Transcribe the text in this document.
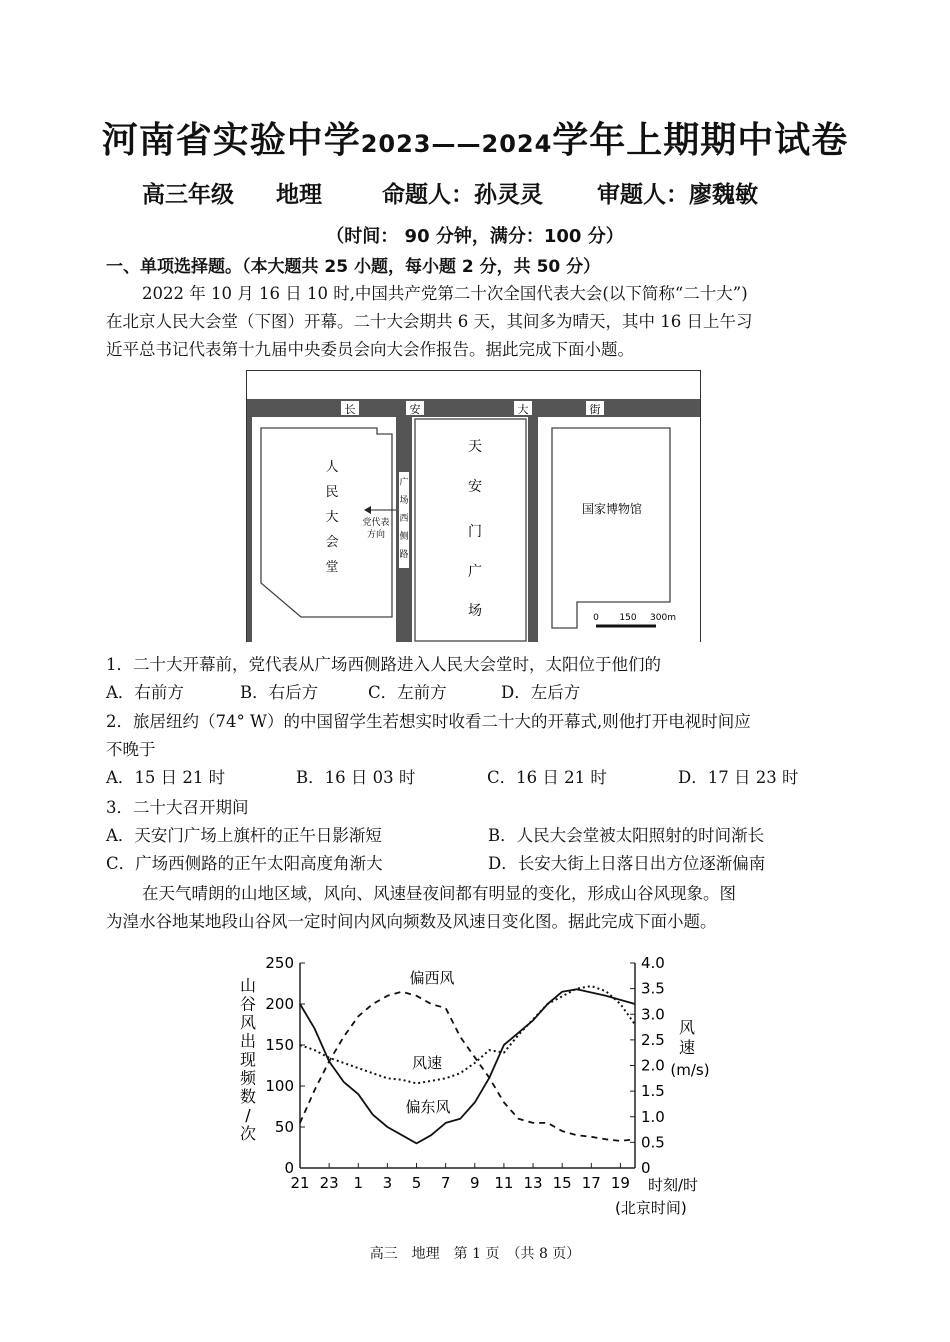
河南省实验中学2023——2024学年上期期中试卷
高三年级 地理	命题人：孙灵灵 审题人：廖魏敏
（时间： 90 分钟，满分：100 分）
一、单项选择题。（本大题共 25 小题，每小题 2 分，共 50 分）
2022 年 10 月 16 日 10 时,中国共产党第二十次全国代表大会(以下简称“二十大”)
在北京人民大会堂（下图）开幕。二十大会期共 6 天，其间多为晴天，其中 16 日上午习
近平总书记代表第十九届中央委员会向大会作报告。据此完成下面小题。
长	安	大	街
广
场
西
侧
路
人
民
大
会
堂
党代表
方向
天
安
门
广
场
国家博物馆
0 150 300m
1．二十大开幕前，党代表从广场西侧路进入人民大会堂时，太阳位于他们的
A．右前方	B．右后方	C．左前方	D．左后方
2．旅居纽约（74° W）的中国留学生若想实时收看二十大的开幕式,则他打开电视时间应
不晚于
A．15 日 21 时	B．16 日 03 时	C．16 日 21 时	D．17 日 23 时
3．二十大召开期间
A．天安门广场上旗杆的正午日影渐短	B．人民大会堂被太阳照射的时间渐长
C．广场西侧路的正午太阳高度角渐大	D．长安大街上日落日出方位逐渐偏南
在天气晴朗的山地区域，风向、风速昼夜间都有明显的变化，形成山谷风现象。图
为湟水谷地某地段山谷风一定时间内风向频数及风速日变化图。据此完成下面小题。
0
50
100
150
200
250
0
0.5
1.0
1.5
2.0
2.5
3.0
3.5
4.0
21 23 1 3 5 7 9 11 13 15 17 19
偏西风
偏东风
风速
山
谷
风
出
现
频
数
/
次
风
速
(m/s)
时刻/时
(北京时间)
高三　地理　第 1 页　（共 8 页）
